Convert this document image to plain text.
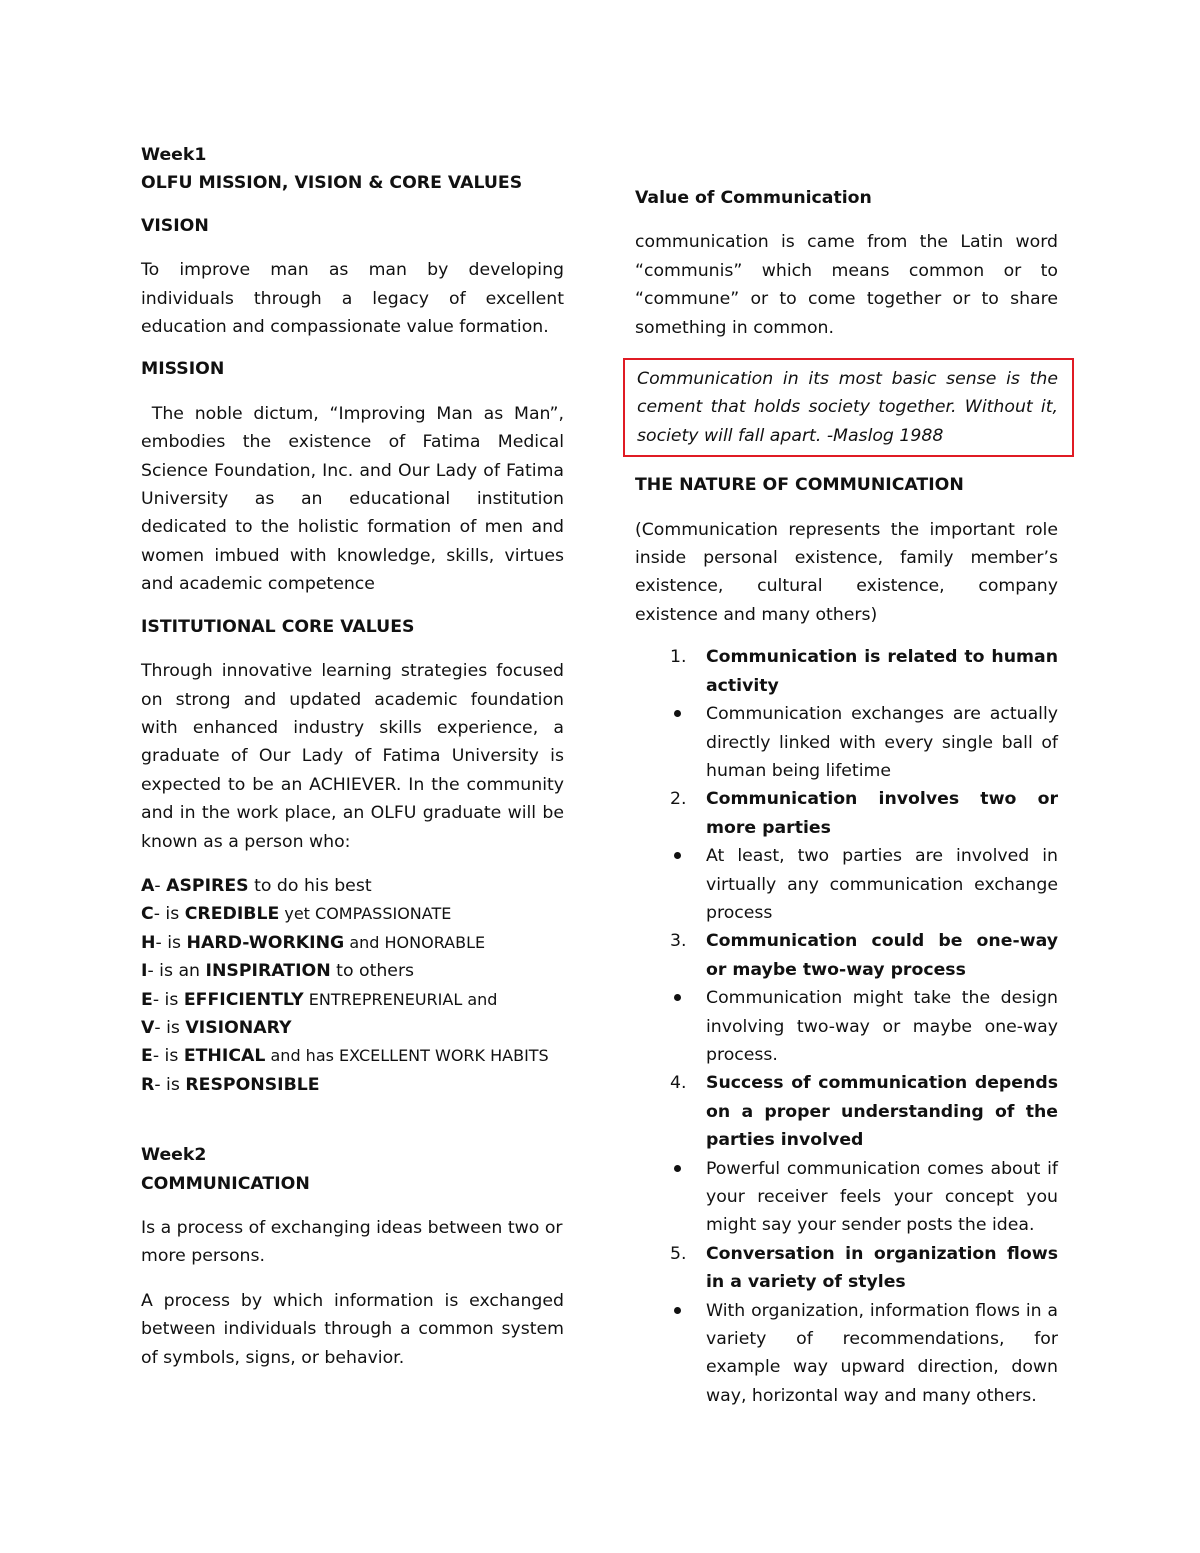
Week1

OLFU MISSION, VISION & CORE VALUES

VISION

To improve man as man by developing individuals through a legacy of excellent education and compassionate value formation.

MISSION

The noble dictum, “Improving Man as Man”, embodies the existence of Fatima Medical Science Foundation, Inc. and Our Lady of Fatima University as an educational institution dedicated to the holistic formation of men and women imbued with knowledge, skills, virtues and academic competence

ISTITUTIONAL CORE VALUES

Through innovative learning strategies focused on strong and updated academic foundation with enhanced industry skills experience, a graduate of Our Lady of Fatima University is expected to be an ACHIEVER. In the community and in the work place, an OLFU graduate will be known as a person who:

A- ASPIRES to do his best

C- is CREDIBLE yet COMPASSIONATE

H- is HARD-WORKING and HONORABLE

I- is an INSPIRATION to others

E- is EFFICIENTLY ENTREPRENEURIAL and

V- is VISIONARY

E- is ETHICAL and has EXCELLENT WORK HABITS

R- is RESPONSIBLE

Week2

COMMUNICATION

Is a process of exchanging ideas between two or more persons.

A process by which information is exchanged between individuals through a common system of symbols, signs, or behavior.

Value of Communication

communication is came from the Latin word “communis” which means common or to “commune” or to come together or to share something in common.

Communication in its most basic sense is the cement that holds society together. Without it, society will fall apart. -Maslog 1988

THE NATURE OF COMMUNICATION

(Communication represents the important role inside personal existence, family member’s existence, cultural existence, company existence and many others)

1.	Communication is related to human activity
Communication exchanges are actually directly linked with every single ball of human being lifetime
2.	Communication involves two or more parties
At least, two parties are involved in virtually any communication exchange process
3.	Communication could be one-way or maybe two-way process
Communication might take the design involving two-way or maybe one-way process.
4.	Success of communication depends on a proper understanding of the parties involved
Powerful communication comes about if your receiver feels your concept you might say your sender posts the idea.
5.	Conversation in organization flows in a variety of styles
With organization, information flows in a variety of recommendations, for example way upward direction, down way, horizontal way and many others.
